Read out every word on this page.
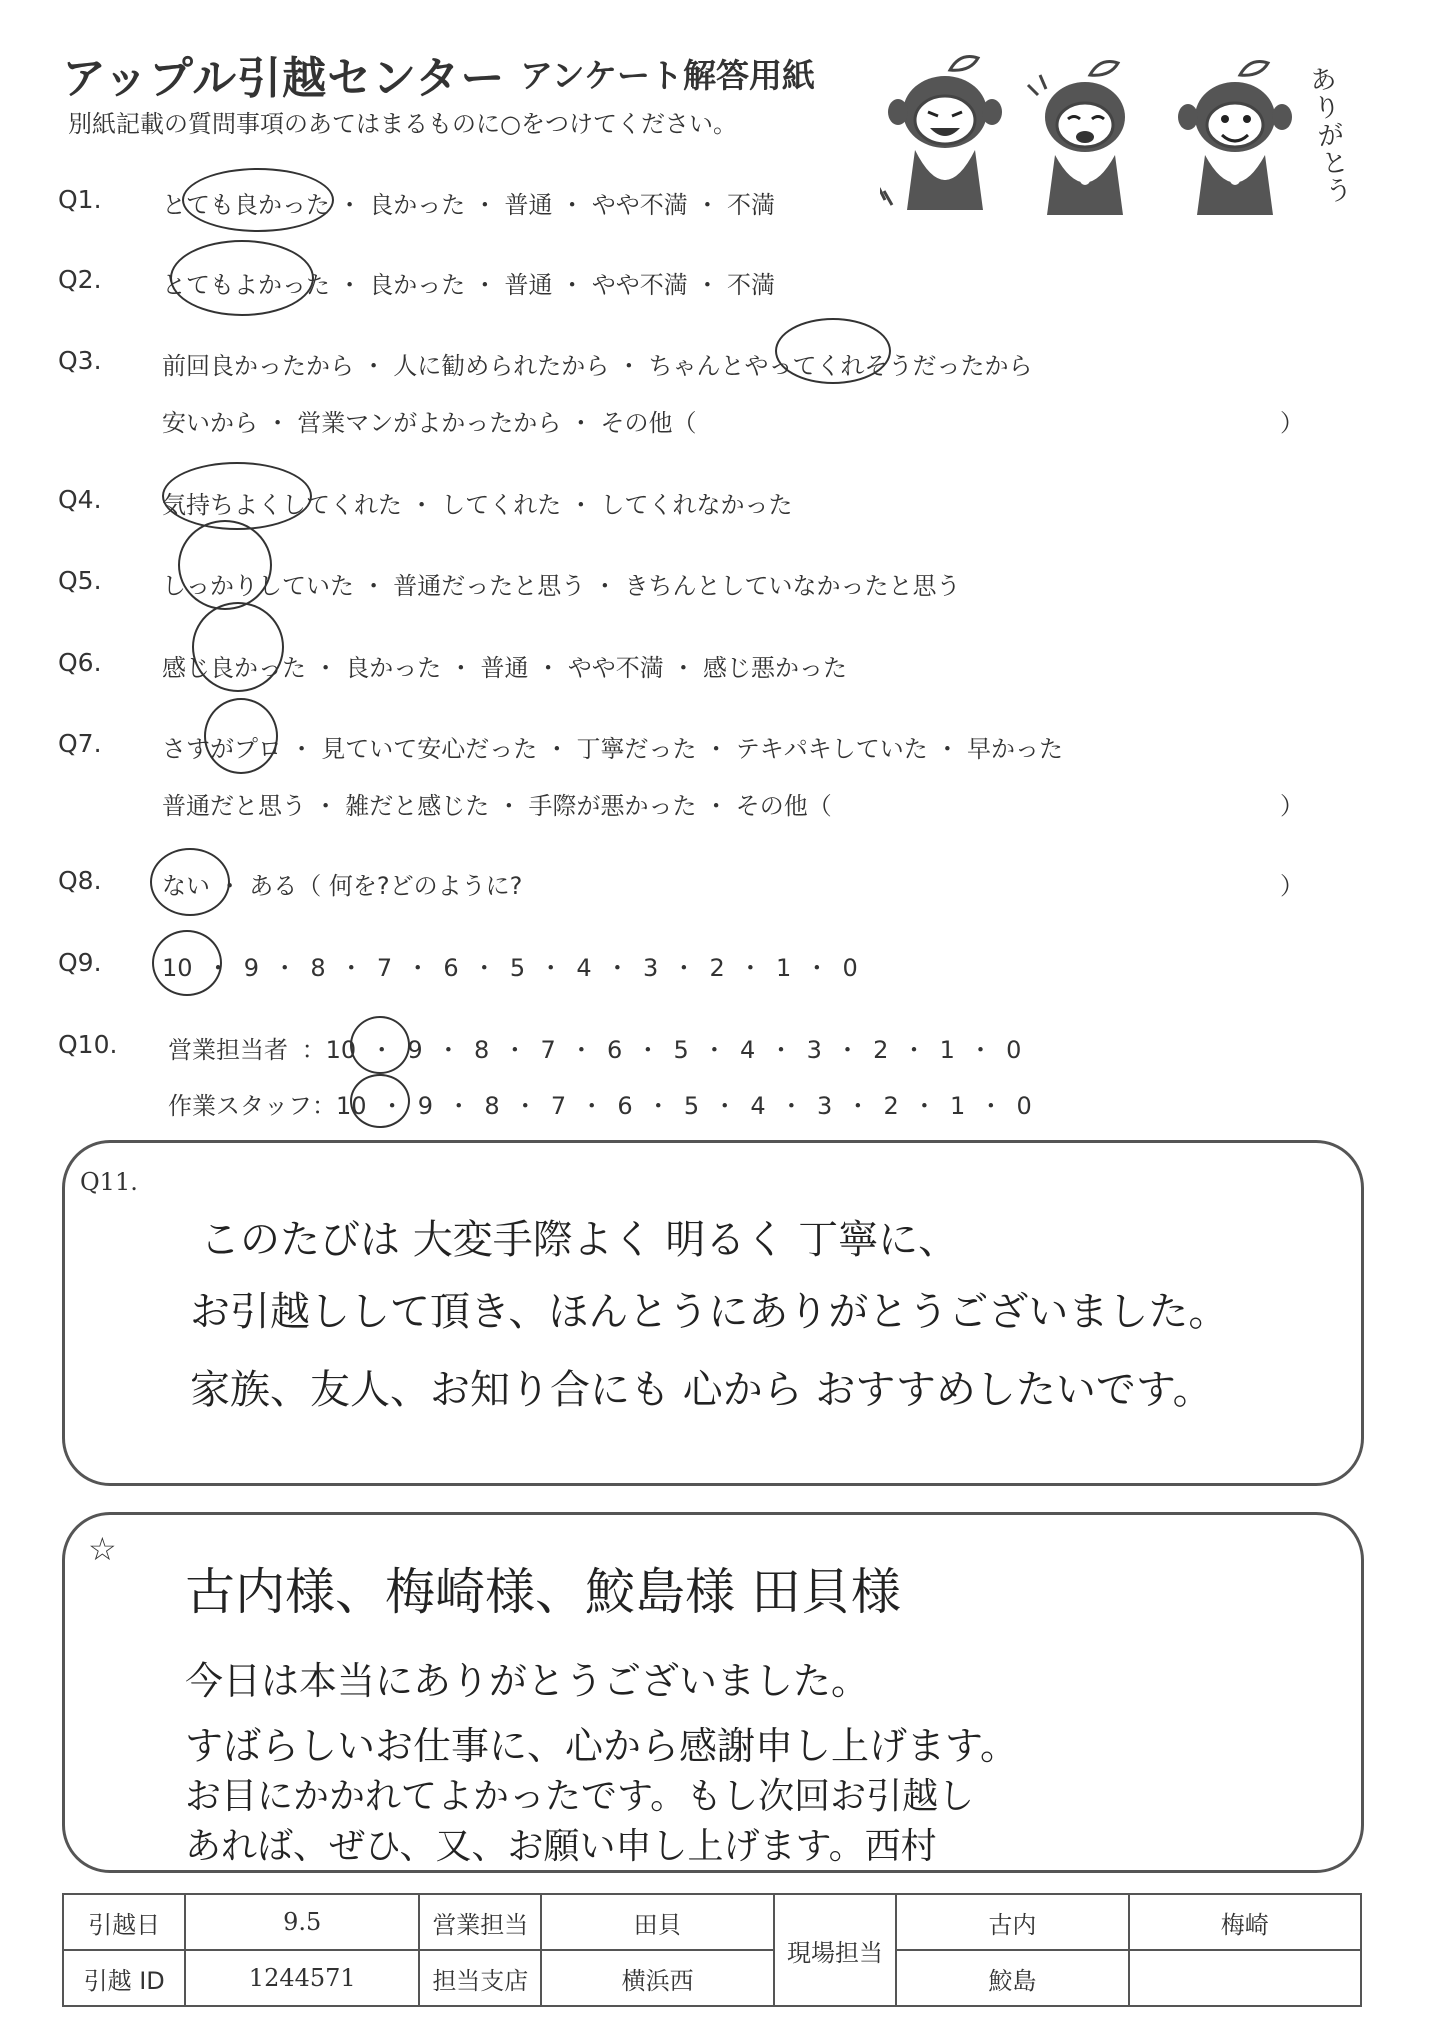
アップル引越センター アンケート解答用紙
別紙記載の質問事項のあてはまるものに○をつけてください。
ありがとう
Q1.	とても良かった ・ 良かった ・ 普通 ・ やや不満 ・ 不満
Q2.	とてもよかった ・ 良かった ・ 普通 ・ やや不満 ・ 不満
Q3.	前回良かったから ・ 人に勧められたから ・ ちゃんとやってくれそうだったから
安いから ・ 営業マンがよかったから ・ その他（	）
Q4.	気持ちよくしてくれた ・ してくれた ・ してくれなかった
Q5.	しっかりしていた ・ 普通だったと思う ・ きちんとしていなかったと思う
Q6.	感じ良かった ・ 良かった ・ 普通 ・ やや不満 ・ 感じ悪かった
Q7.	さすがプロ ・ 見ていて安心だった ・ 丁寧だった ・ テキパキしていた ・ 早かった
普通だと思う ・ 雑だと感じた ・ 手際が悪かった ・ その他（	）
Q8.	ない ・ ある（ 何を?どのように?	）
Q9.	10 ・ 9 ・ 8 ・ 7 ・ 6 ・ 5 ・ 4 ・ 3 ・ 2 ・ 1 ・ 0
Q10. 営業担当者 ：10 ・ 9 ・ 8 ・ 7 ・ 6 ・ 5 ・ 4 ・ 3 ・ 2 ・ 1 ・ 0
作業スタッフ：10 ・ 9 ・ 8 ・ 7 ・ 6 ・ 5 ・ 4 ・ 3 ・ 2 ・ 1 ・ 0
Q11.
このたびは 大変手際よく 明るく 丁寧に、
お引越しして頂き、ほんとうにありがとうございました。
家族、友人、お知り合にも 心から おすすめしたいです。
☆
古内様、梅崎様、鮫島様 田貝様
今日は本当にありがとうございました。
すばらしいお仕事に、心から感謝申し上げます。
お目にかかれてよかったです。もし次回お引越し
あれば、ぜひ、又、お願い申し上げます。西村
引越日	9.5	営業担当	田貝	現場担当	古内	梅崎
引越 ID	1244571	担当支店	横浜西		鮫島	
